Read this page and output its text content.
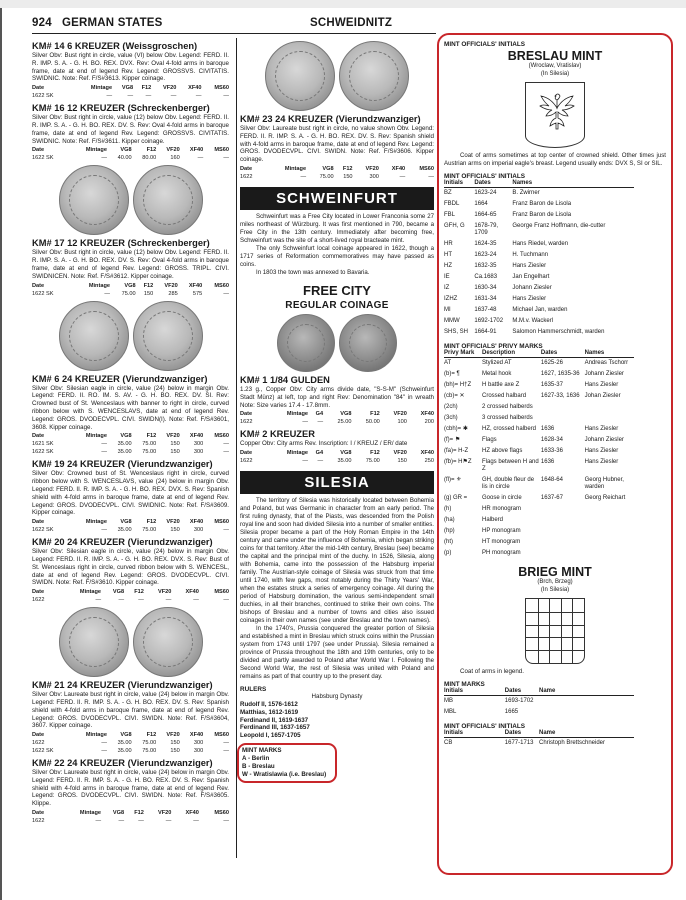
924 GERMAN STATES	SCHWEIDNITZ
KM# 14 6 KREUZER (Weissgroschen)
Silver Obv: Bust right in circle, value (VI) below Obv. Legend: FERD. II. R. IMP. S. A. - G. H. BO. REX. DVX. Rev: Oval 4-fold arms in baroque frame, date at end of legend Rev. Legend: GROSSVS. CIVITATIS. SWIDNIC. Note: Ref. F/S#3613. Kipper coinage.
Date	Mintage	VG8	F12	VF20	XF40	MS60
1622 SK	—	—	—	—	—	—
KM# 16 12 KREUZER (Schreckenberger)
Silver Obv: Bust right in circle, value (12) below Obv. Legend: FERD. II. R. IMP. S. A. - G. H. BO. REX. DV. S. Rev: Oval 4-fold arms in baroque frame, date at end of legend Rev. Legend: GROSSVS. CIVITATIS. SWIDNIC. Note: Ref. F/S#3611. Kipper coinage.
Date	Mintage	VG8	F12	VF20	XF40	MS60
1622 SK	—	40.00	80.00	160	—	—
KM# 17 12 KREUZER (Schreckenberger)
Silver Obv: Bust right in circle, value (12) below Obv. Legend: FERD. II. R. IMP. S. A. - G. H. BO. REX. DV. S. Rev: Oval 4-fold arms in baroque frame, date at end of legend Rev. Legend: GROSS. TRIPL. CIVI. SWIDNICEN. Note: Ref. F/S#3612. Kipper coinage.
Date	Mintage	VG8	F12	VF20	XF40	MS60
1622 SK	—	75.00	150	285	575	—
KM# 6 24 KREUZER (Vierundzwanziger)
Silver Obv: Silesian eagle in circle, value (24) below in margin Obv. Legend: FERD. II. RO. IM. S. AV. - G. H. BO. REX. DV. SI. Rev: Crowned bust of St. Wenceslaus with banner to right in circle, curved ribbon below with S. WENCESLAVS, date at end of legend Rev. Legend: GROS. DVODECVPL. CIVI. SWIDN(I). Note: Ref. F/S#3601, 3608. Kipper coinage.
Date	Mintage	VG8	F12	VF20	XF40	MS60
1621 SK	—	35.00	75.00	150	300	—
1622 SK	—	35.00	75.00	150	300	—
KM# 19 24 KREUZER (Vierundzwanziger)
Silver Obv: Crowned bust of St. Wenceslaus right in circle, curved ribbon below with S. WENCESLAVS, value (24) below in margin Obv. Legend: FERD. II. R. IMP. S. A. - G. H. BO. REX. DVX. S. Rev: Spanish shield with 4-fold arms in baroque frame, date at end of legend Rev. Legend: GROS. DVODECVPL. CIVI. SWIDNIC. Note: Ref. F/S#3609. Kipper coinage.
Date	Mintage	VG8	F12	VF20	XF40	MS60
1622 SK	—	35.00	75.00	150	300	—
KM# 20 24 KREUZER (Vierundzwanziger)
Silver Obv: Silesian eagle in circle, value (24) below in margin Obv. Legend: FERD. II. R. IMP. S. A. - G. H. BO. REX. DVX. S. Rev: Bust of St. Wenceslaus right in circle, curved ribbon below with S. WENCESL, date at end of legend Rev. Legend: GROS. DVODECVPL. CIVI. SWIDN. Note: Ref. F/S#3610. Kipper coinage.
Date	Mintage	VG8	F12	VF20	XF40	MS60
1622	—	—	—	—	—	—
KM# 21 24 KREUZER (Vierundzwanziger)
Silver Obv: Laureate bust right in circle, value (24) below in margin Obv. Legend: FERD. II. R. IMP. S. A. - G. H. BO. REX. DV. S. Rev: Spanish shield with 4-fold arms in baroque frame, date at end of legend Rev. Legend: GROS. DVODECVPL. CIVI. SWIDN. Note: Ref. F/S#3604, 3607. Kipper coinage.
Date	Mintage	VG8	F12	VF20	XF40	MS60
1622	—	35.00	75.00	150	300	—
1622 SK	—	35.00	75.00	150	300	—
KM# 22 24 KREUZER (Vierundzwanziger)
Silver Obv: Laureate bust right in circle, value (24) below in margin Obv. Legend: FERD. II. R. IMP. S. A. - G. H. BO. REX. DV. S. Rev: Spanish shield with 4-fold arms in baroque frame, date at end of legend Rev. Legend: GROS. DVODECVPL. CIVI. SWIDN. Note: Ref. F/S#3605. Klippe.
Date	Mintage	VG8	F12	VF20	XF40	MS60
1622	—	—	—	—	—	—
KM# 23 24 KREUZER (Vierundzwanziger)
Silver Obv: Laureate bust right in circle, no value shown Obv. Legend: FERD. II. R. IMP. S. A. - G. H. BO. REX. DV. S. Rev: Spanish shield with 4-fold arms in baroque frame, date at end of legend Rev. Legend: GROS. DVODECVPL. CIVI. SWIDN. Note: Ref. F/S#3606. Kipper coinage.
Date	Mintage	VG8	F12	VF20	XF40	MS60
1622	—	75.00	150	300	—	—
SCHWEINFURT
Schweinfurt was a Free City located in Lower Franconia some 27 miles northeast of Würzburg. It was first mentioned in 790, became a Free City in the 13th century. Immediately after becoming free, Schweinfurt was the site of a short-lived royal bracteate mint.
The only Schweinfurt local coinage appeared in 1622, though a 1717 series of Reformation commemoratives may have passed as coins.
In 1803 the town was annexed to Bavaria.
FREE CITY
REGULAR COINAGE
KM# 1 1/84 GULDEN
1.23 g., Copper Obv: City arms divide date, "S-S-M" (Schweinfurt Stadt Münz) at left, top and right Rev: Denomination "84" in wreath Note: Size varies 17.4 - 17.8mm.
Date	Mintage	G4	VG8	F12	VF20	XF40
1622	—	—	25.00	50.00	100	200
KM# 2 KREUZER
Copper Obv: City arms Rev. Inscription: I / KREUZ / ER/ date
Date	Mintage	G4	VG8	F12	VF20	XF40
1622	—	—	35.00	75.00	150	250
SILESIA
The territory of Silesia was historically located between Bohemia and Poland, but was Germanic in character from an early period. The first ruling dynasty, that of the Piasts, was descended from the Polish royal line and soon had divided Silesia into a number of smaller entities. Silesia proper became a part of the Holy Roman Empire in the 14th century and came under the influence of Bohemia, which began striking coins for that territory. After the mid-14th century, Breslau (see) became the capital and the principal mint of the duchy. In 1526, Silesia, along with Bohemia, came into the possession of the Habsburg imperial family. The Austrian-style coinage of Silesia was struck from that time until 1740, with few gaps, most notably during the Thirty Years' War, when the estates struck a series of emergency coinage. All during the period of Habsburg domination, the various semi-independent small duchies, in all their branches, continued to strike their own coins. The bishops of Breslau and a number of towns and cities also issued coinages in their own names (see under Breslau and the town names).
In the 1740's, Prussia conquered the greater portion of Silesia and established a mint in Breslau which struck coins within the Prussian system from 1743 until 1797 (see under Prussia). Silesia remained a province of Prussia throughout the 18th and 19th centuries, only to be divided and partly awarded to Poland after World War I. Following the Second World War, the rest of Silesia was united with Poland and remains as part of that country up to the present day.
RULERS
Habsburg Dynasty
Rudolf II, 1576-1612
Matthias, 1612-1619
Ferdinand II, 1619-1637
Ferdinand III, 1637-1657
Leopold I, 1657-1705
MINT MARKS
A - Berlin
B - Breslau
W - Wratislawia (i.e. Breslau)
MINT OFFICIALS' INITIALS
BRESLAU MINT
(Wroclaw, Vratislav)
(In Silesia)
Coat of arms sometimes at top center of crowned shield. Other times just Austrian arms on imperial eagle's breast. Legend usually ends: DVX S, SI or SIL.
MINT OFFICIALS' INITIALS
Initials	Dates	Names
BZ	1623-24	B. Zwirner
FBDL	1664	Franz Baron de Lisola
FBL	1664-65	Franz Baron de Lisola
GFH, G	1678-79, 1709	George Franz Hoffmann, die-cutter
HR	1624-35	Hans Riedel, warden
HT	1623-24	H. Tuchmann
HZ	1632-35	Hans Ziesler
IE	Ca.1683	Jan Engelhart
IZ	1630-34	Johann Ziesler
IZHZ	1631-34	Hans Ziesler
MI	1637-48	Michael Jan, warden
MMW	1692-1702	M.M.v. Wackerl
SHS, SH	1664-91	Salomon Hammerschmidt, warden
MINT OFFICIALS' PRIVY MARKS
Privy Mark	Description	Dates	Names
AT	Stylized AT	1625-26	Andreas Tschorr
(b)= ¶	Metal hook	1627, 1635-36	Johann Ziesler
(bh)= H†Z	H battle axe Z	1635-37	Hans Ziesler
(cb)= ✕	Crossed halbard	1627-33, 1636	Johan Ziesler
(2ch)	2 crossed halberds		
(3ch)	3 crossed halberds		
(cbh)= ✱	HZ, crossed halberd	1636	Hans Ziesler
(f)= ⚑	Flags	1628-34	Johann Ziesler
(fa)= H-Z	HZ above flags	1633-36	Hans Ziesler
(fb)= H⚑Z	Flags between H and Z	1636	Hans Ziesler
(fl)= ⚜	GH, double fleur de lis in circle	1648-64	Georg Hubner, warden
(g) GR =	Goose in circle	1637-67	Georg Reichart
(h)	HR monogram		
(ha)	Halberd		
(hp)	HP monogram		
(ht)	HT monogram		
(p)	PH monogram		
BRIEG MINT
(Brch, Brzeg)
(In Silesia)
Coat of arms in legend.
MINT MARKS
Initials	Dates	Name
MB	1693-1702	
MBL	1665	
MINT OFFICIALS' INITIALS
Initials	Dates	Name
CB	1677-1713	Christoph Brettschneider
